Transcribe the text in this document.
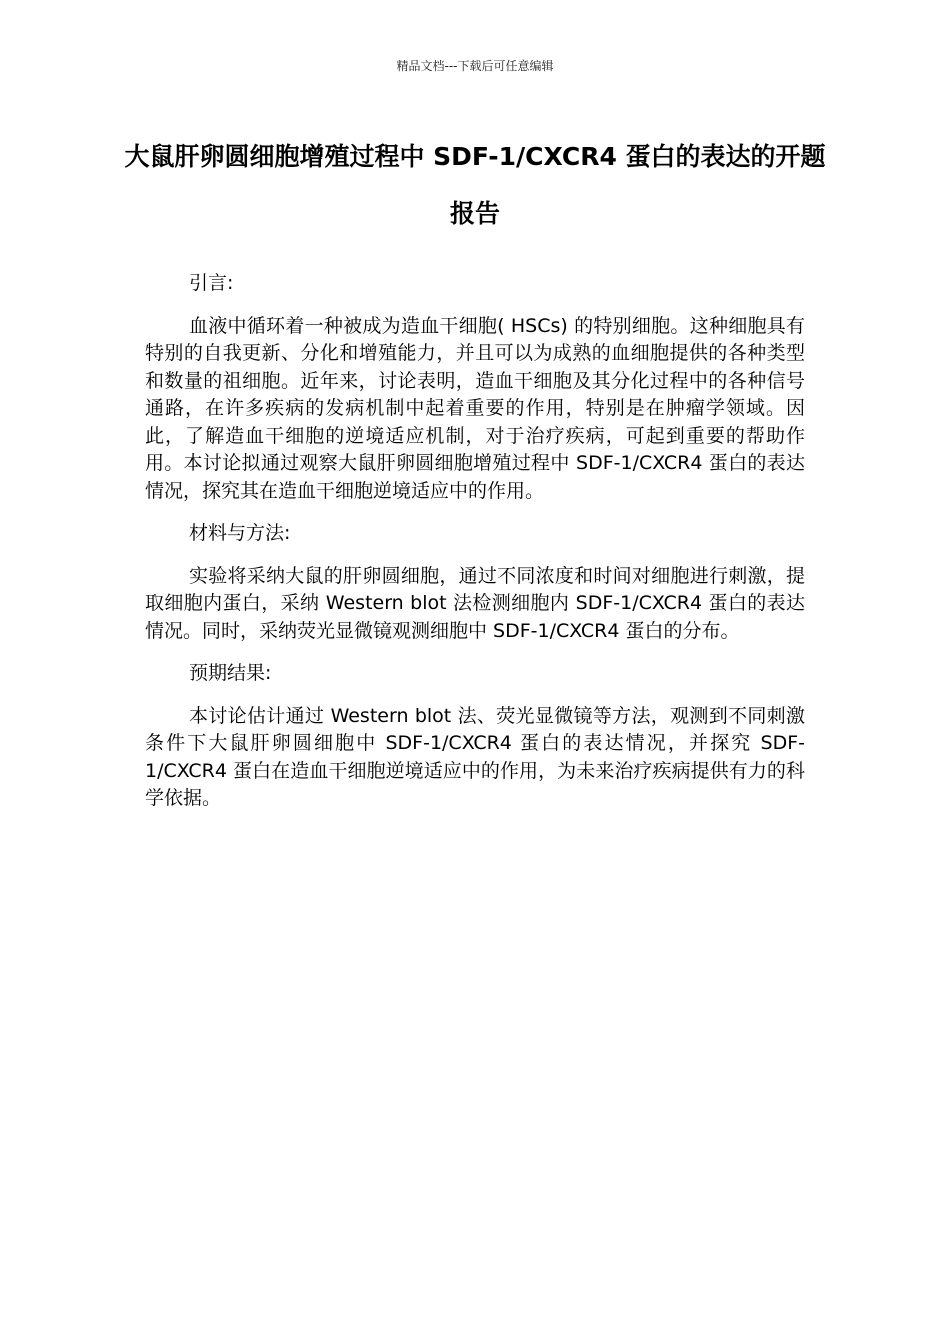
精品文档---下载后可任意编辑
大鼠肝卵圆细胞增殖过程中 SDF-1/CXCR4 蛋白的表达的开题报告

引言:

血液中循环着一种被成为造血干细胞( HSCs) 的特别细胞。这种细胞具有特别的自我更新、分化和增殖能力，并且可以为成熟的血细胞提供的各种类型和数量的祖细胞。近年来，讨论表明，造血干细胞及其分化过程中的各种信号通路，在许多疾病的发病机制中起着重要的作用，特别是在肿瘤学领域。因此，了解造血干细胞的逆境适应机制，对于治疗疾病，可起到重要的帮助作用。本讨论拟通过观察大鼠肝卵圆细胞增殖过程中 SDF-1/CXCR4 蛋白的表达情况，探究其在造血干细胞逆境适应中的作用。

材料与方法:

实验将采纳大鼠的肝卵圆细胞，通过不同浓度和时间对细胞进行刺激，提取细胞内蛋白，采纳 Western blot 法检测细胞内 SDF-1/CXCR4 蛋白的表达情况。同时，采纳荧光显微镜观测细胞中 SDF-1/CXCR4 蛋白的分布。

预期结果:

本讨论估计通过 Western blot 法、荧光显微镜等方法，观测到不同刺激条件下大鼠肝卵圆细胞中 SDF-1/CXCR4 蛋白的表达情况，并探究 SDF-1/CXCR4 蛋白在造血干细胞逆境适应中的作用，为未来治疗疾病提供有力的科学依据。
